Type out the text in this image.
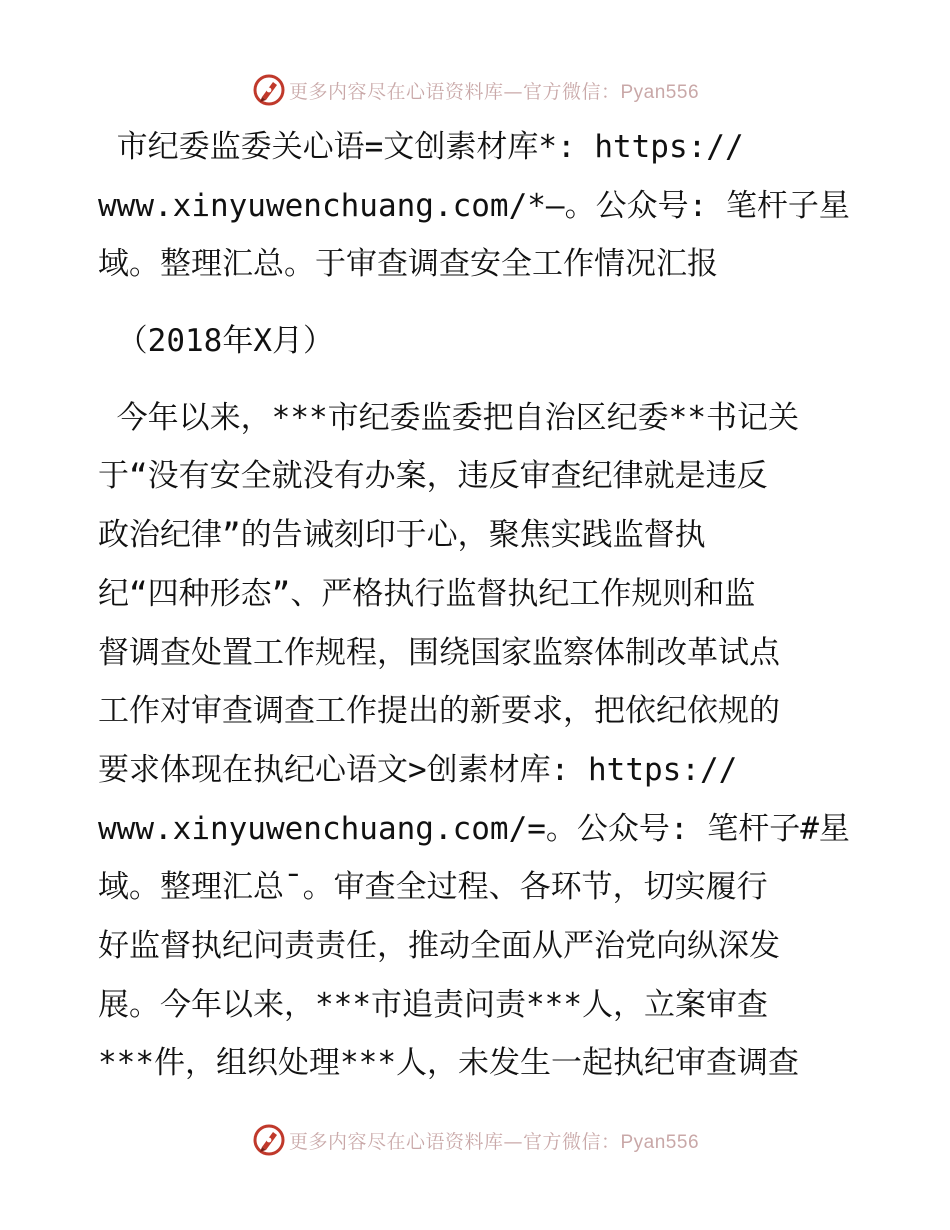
更多内容尽在心语资料库—官方微信：Pyan556
市纪委监委关心语=文创素材库*: https://
www.xinyuwenchuang.com/*—。公众号: 笔杆子星
域。整理汇总。于审查调查安全工作情况汇报
（2018年X月）
今年以来，***市纪委监委把自治区纪委**书记关
于“没有安全就没有办案，违反审查纪律就是违反
政治纪律”的告诫刻印于心，聚焦实践监督执
纪“四种形态”、严格执行监督执纪工作规则和监
督调查处置工作规程，围绕国家监察体制改革试点
工作对审查调查工作提出的新要求，把依纪依规的
要求体现在执纪心语文>创素材库: https://
www.xinyuwenchuang.com/=。公众号: 笔杆子#星
域。整理汇总¯。审查全过程、各环节，切实履行
好监督执纪问责责任，推动全面从严治党向纵深发
展。今年以来，***市追责问责***人，立案审查
***件，组织处理***人，未发生一起执纪审查调查
更多内容尽在心语资料库—官方微信：Pyan556
